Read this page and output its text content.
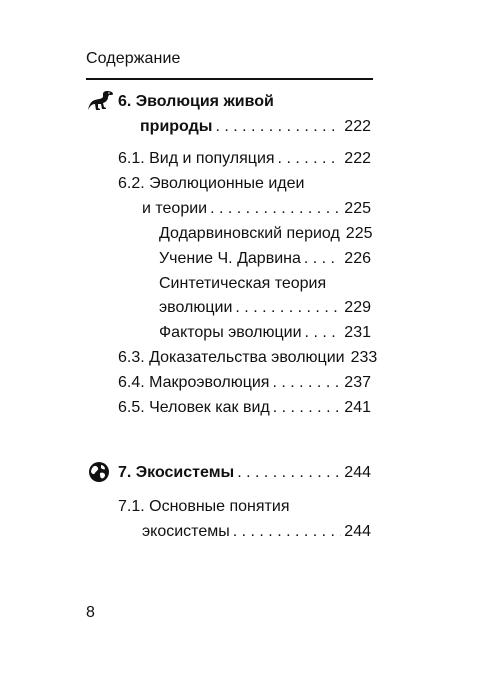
Содержание
6. Эволюция живой
природы . . .	222
6.1. Вид и популяция . . .	222
6.2. Эволюционные идеи
и теории . . .	225
Додарвиновский период 225
Учение Ч. Дарвина . . .	226
Синтетическая теория
эволюции . . .	229
Факторы эволюции . . .	231
6.3. Доказательства эволюции 233
6.4. Макроэволюция . . .	237
6.5. Человек как вид . . .	241
7. Экосистемы . . .	244
7.1. Основные понятия
экосистемы . . .	244
8
